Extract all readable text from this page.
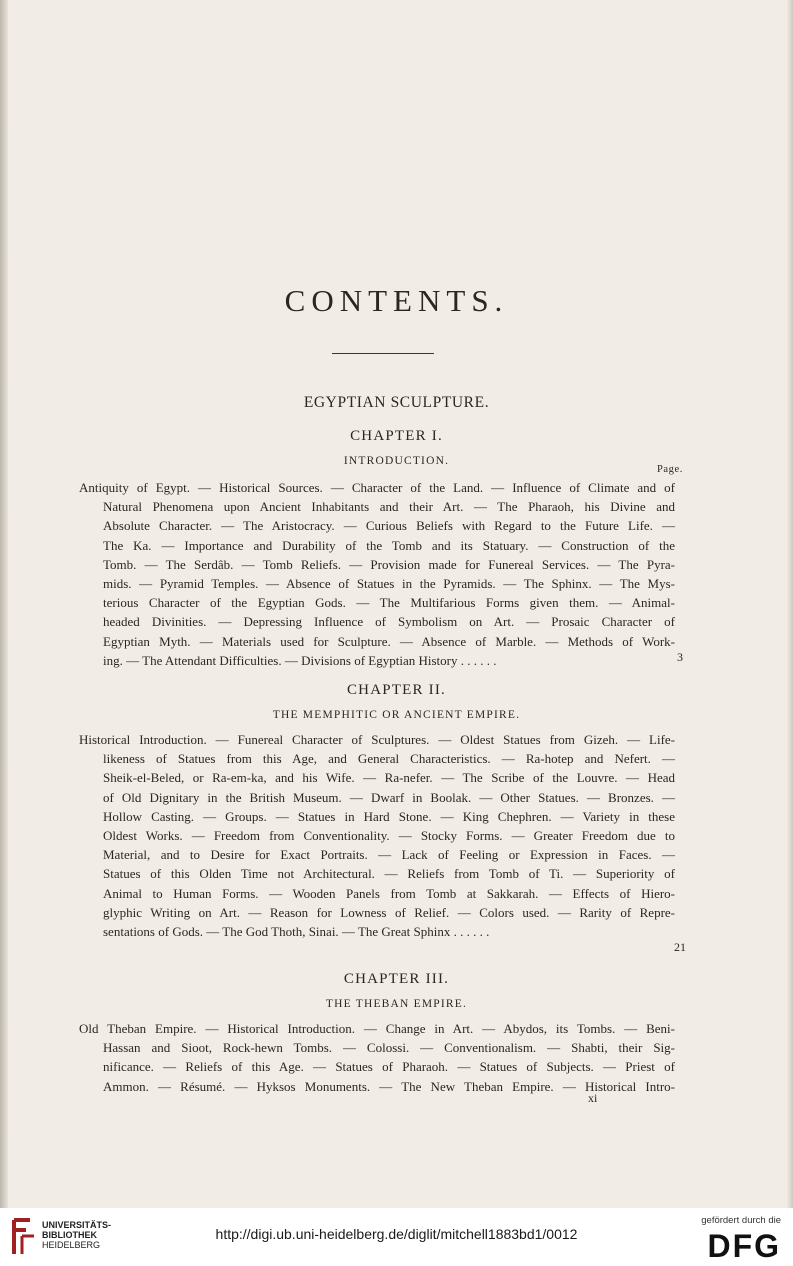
CONTENTS.
EGYPTIAN SCULPTURE.
CHAPTER I.
INTRODUCTION.
Page.
Antiquity of Egypt. — Historical Sources. — Character of the Land. — Influence of Climate and of
Natural Phenomena upon Ancient Inhabitants and their Art. — The Pharaoh, his Divine and
Absolute Character. — The Aristocracy. — Curious Beliefs with Regard to the Future Life. —
The Ka. — Importance and Durability of the Tomb and its Statuary. — Construction of the
Tomb. — The Serdâb. — Tomb Reliefs. — Provision made for Funereal Services. — The Pyra-
mids. — Pyramid Temples. — Absence of Statues in the Pyramids. — The Sphinx. — The Mys-
terious Character of the Egyptian Gods. — The Multifarious Forms given them. — Animal-
headed Divinities. — Depressing Influence of Symbolism on Art. — Prosaic Character of
Egyptian Myth. — Materials used for Sculpture. — Absence of Marble. — Methods of Work-
ing. — The Attendant Difficulties. — Divisions of Egyptian History . . . . . .	3
CHAPTER II.
THE MEMPHITIC OR ANCIENT EMPIRE.
Historical Introduction. — Funereal Character of Sculptures. — Oldest Statues from Gizeh. — Life-
likeness of Statues from this Age, and General Characteristics. — Ra-hotep and Nefert. —
Sheik-el-Beled, or Ra-em-ka, and his Wife. — Ra-nefer. — The Scribe of the Louvre. — Head
of Old Dignitary in the British Museum. — Dwarf in Boolak. — Other Statues. — Bronzes. —
Hollow Casting. — Groups. — Statues in Hard Stone. — King Chephren. — Variety in these
Oldest Works. — Freedom from Conventionality. — Stocky Forms. — Greater Freedom due to
Material, and to Desire for Exact Portraits. — Lack of Feeling or Expression in Faces. —
Statues of this Olden Time not Architectural. — Reliefs from Tomb of Ti. — Superiority of
Animal to Human Forms. — Wooden Panels from Tomb at Sakkarah. — Effects of Hiero-
glyphic Writing on Art. — Reason for Lowness of Relief. — Colors used. — Rarity of Repre-
sentations of Gods. — The God Thoth, Sinai. — The Great Sphinx . . . . . .
21
CHAPTER III.
THE THEBAN EMPIRE.
Old Theban Empire. — Historical Introduction. — Change in Art. — Abydos, its Tombs. — Beni-
Hassan and Sioot, Rock-hewn Tombs. — Colossi. — Conventionalism. — Shabti, their Sig-
nificance. — Reliefs of this Age. — Statues of Pharaoh. — Statues of Subjects. — Priest of
Ammon. — Résumé. — Hyksos Monuments. — The New Theban Empire. — Historical Intro-
xi
UNIVERSITÄTS-
BIBLIOTHEK
HEIDELBERG
http://digi.ub.uni-heidelberg.de/diglit/mitchell1883bd1/0012
gefördert durch die
DFG
